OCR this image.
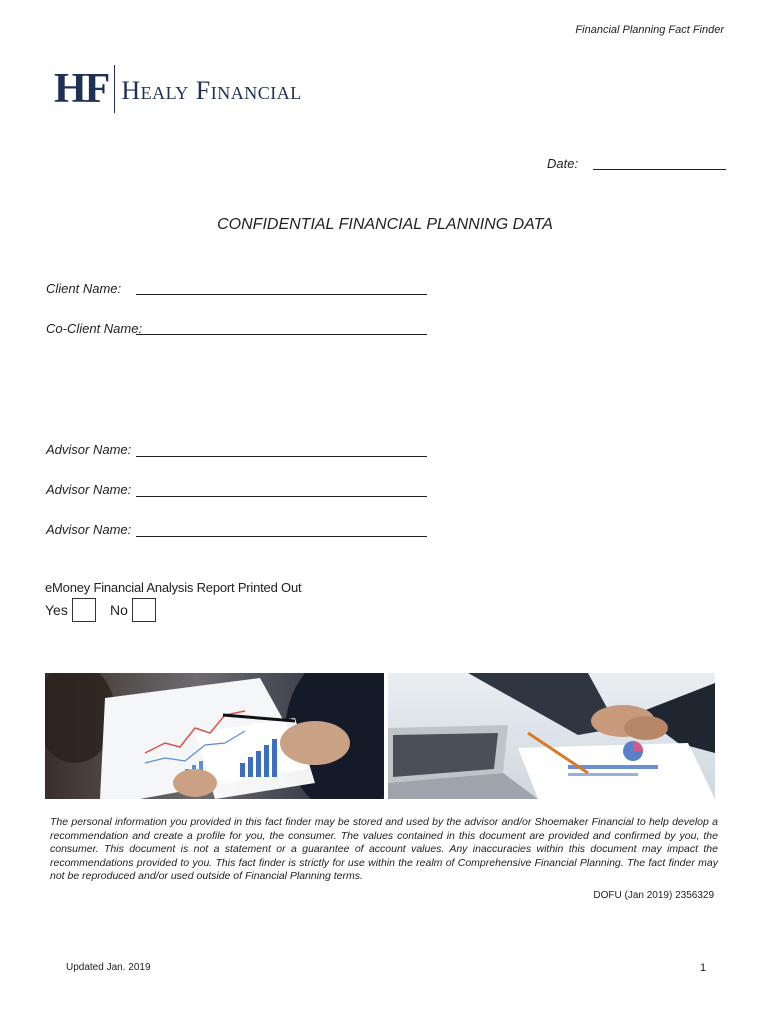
Financial Planning Fact Finder
HF Healy Financial
Date:
CONFIDENTIAL FINANCIAL PLANNING DATA
Client Name:
Co-Client Name:
Advisor Name:
Advisor Name:
Advisor Name:
eMoney Financial Analysis Report Printed Out
Yes	No
The personal information you provided in this fact finder may be stored and used by the advisor and/or Shoemaker Financial to help develop a recommendation and create a profile for you, the consumer. The values contained in this document are provided and confirmed by you, the consumer. This document is not a statement or a guarantee of account values. Any inaccuracies within this document may impact the recommendations provided to you. This fact finder is strictly for use within the realm of Comprehensive Financial Planning. The fact finder may not be reproduced and/or used outside of Financial Planning terms.
DOFU (Jan 2019) 2356329
Updated Jan. 2019	1
